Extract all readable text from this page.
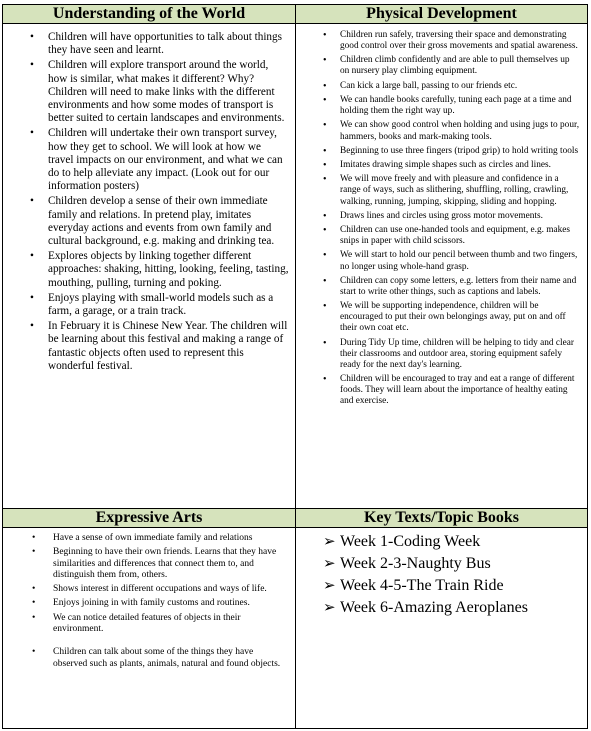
Understanding of the World
• Children will have opportunities to talk about things they have seen and learnt.
• Children will explore transport around the world, how is similar, what makes it different? Why? Children will need to make links with the different environments and how some modes of transport is better suited to certain landscapes and environments.
• Children will undertake their own transport survey, how they get to school. We will look at how we travel impacts on our environment, and what we can do to help alleviate any impact. (Look out for our information posters)
• Children develop a sense of their own immediate family and relations. In pretend play, imitates everyday actions and events from own family and cultural background, e.g. making and drinking tea.
• Explores objects by linking together different approaches: shaking, hitting, looking, feeling, tasting, mouthing, pulling, turning and poking.
• Enjoys playing with small-world models such as a farm, a garage, or a train track.
• In February it is Chinese New Year. The children will be learning about this festival and making a range of fantastic objects often used to represent this wonderful festival.
Physical Development
• Children run safely, traversing their space and demonstrating good control over their gross movements and spatial awareness.
• Children climb confidently and are able to pull themselves up on nursery play climbing equipment.
• Can kick a large ball, passing to our friends etc.
• We can handle books carefully, tuning each page at a time and holding them the right way up.
• We can show good control when holding and using jugs to pour, hammers, books and mark-making tools.
• Beginning to use three fingers (tripod grip) to hold writing tools
• Imitates drawing simple shapes such as circles and lines.
• We will move freely and with pleasure and confidence in a range of ways, such as slithering, shuffling, rolling, crawling, walking, running, jumping, skipping, sliding and hopping.
• Draws lines and circles using gross motor movements.
• Children can use one-handed tools and equipment, e.g. makes snips in paper with child scissors.
• We will start to hold our pencil between thumb and two fingers, no longer using whole-hand grasp.
• Children can copy some letters, e.g. letters from their name and start to write other things, such as captions and labels.
• We will be supporting independence, children will be encouraged to put their own belongings away, put on and off their own coat etc.
• During Tidy Up time, children will be helping to tidy and clear their classrooms and outdoor area, storing equipment safely ready for the next day's learning.
• Children will be encouraged to tray and eat a range of different foods. They will learn about the importance of healthy eating and exercise.
Expressive Arts
• Have a sense of own immediate family and relations
• Beginning to have their own friends. Learns that they have similarities and differences that connect them to, and distinguish them from, others.
• Shows interest in different occupations and ways of life.
• Enjoys joining in with family customs and routines.
• We can notice detailed features of objects in their environment.
• Children can talk about some of the things they have observed such as plants, animals, natural and found objects.
Key Texts/Topic Books
➢ Week 1-Coding Week
➢ Week 2-3-Naughty Bus
➢ Week 4-5-The Train Ride
➢ Week 6-Amazing Aeroplanes
